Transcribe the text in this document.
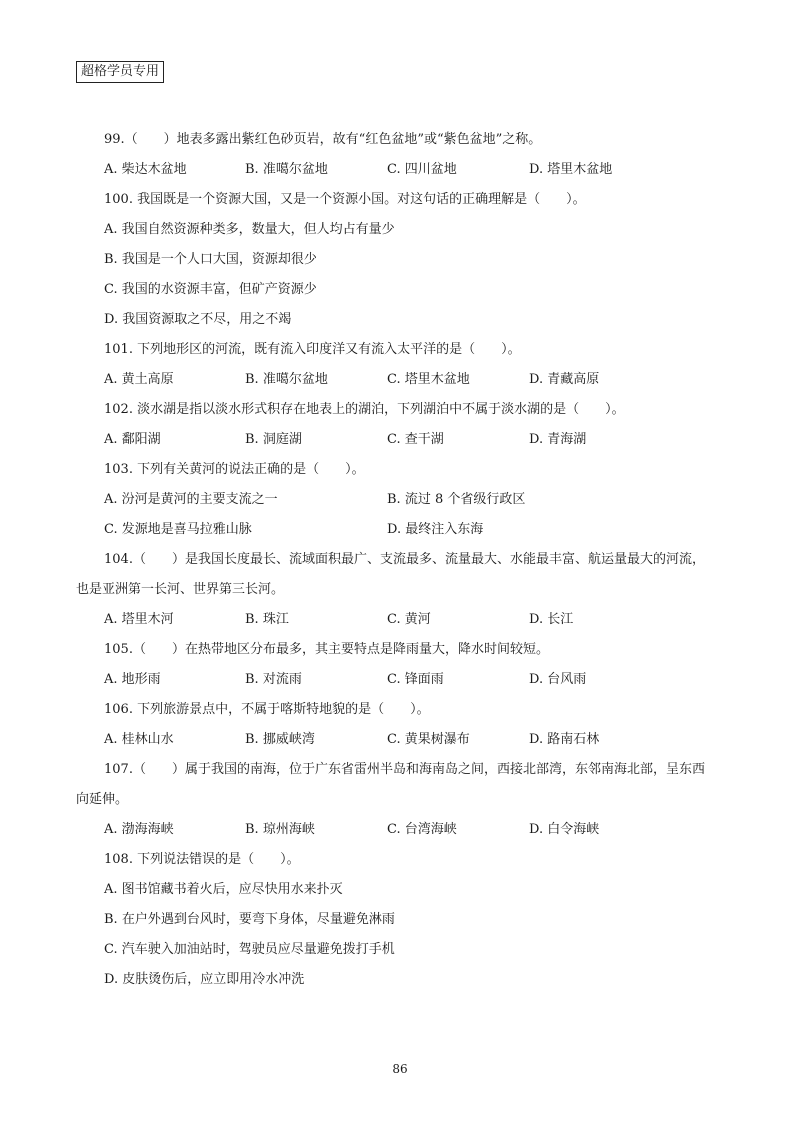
超格学员专用
99.（　　）地表多露出紫红色砂页岩，故有“红色盆地”或“紫色盆地”之称。
A. 柴达木盆地	B. 准噶尔盆地	C. 四川盆地	D. 塔里木盆地
100. 我国既是一个资源大国，又是一个资源小国。对这句话的正确理解是（　　）。
A. 我国自然资源种类多，数量大，但人均占有量少
B. 我国是一个人口大国，资源却很少
C. 我国的水资源丰富，但矿产资源少
D. 我国资源取之不尽，用之不竭
101. 下列地形区的河流，既有流入印度洋又有流入太平洋的是（　　）。
A. 黄土高原	B. 准噶尔盆地	C. 塔里木盆地	D. 青藏高原
102. 淡水湖是指以淡水形式积存在地表上的湖泊，下列湖泊中不属于淡水湖的是（　　）。
A. 鄱阳湖	B. 洞庭湖	C. 查干湖	D. 青海湖
103. 下列有关黄河的说法正确的是（　　）。
A. 汾河是黄河的主要支流之一	B. 流过 8 个省级行政区
C. 发源地是喜马拉雅山脉	D. 最终注入东海
104.（　　）是我国长度最长、流域面积最广、支流最多、流量最大、水能最丰富、航运量最大的河流，
也是亚洲第一长河、世界第三长河。
A. 塔里木河	B. 珠江	C. 黄河	D. 长江
105.（　　）在热带地区分布最多，其主要特点是降雨量大，降水时间较短。
A. 地形雨	B. 对流雨	C. 锋面雨	D. 台风雨
106. 下列旅游景点中，不属于喀斯特地貌的是（　　）。
A. 桂林山水	B. 挪威峡湾	C. 黄果树瀑布	D. 路南石林
107.（　　）属于我国的南海，位于广东省雷州半岛和海南岛之间，西接北部湾，东邻南海北部，呈东西
向延伸。
A. 渤海海峡	B. 琼州海峡	C. 台湾海峡	D. 白令海峡
108. 下列说法错误的是（　　）。
A. 图书馆藏书着火后，应尽快用水来扑灭
B. 在户外遇到台风时，要弯下身体，尽量避免淋雨
C. 汽车驶入加油站时，驾驶员应尽量避免拨打手机
D. 皮肤烫伤后，应立即用冷水冲洗
86
